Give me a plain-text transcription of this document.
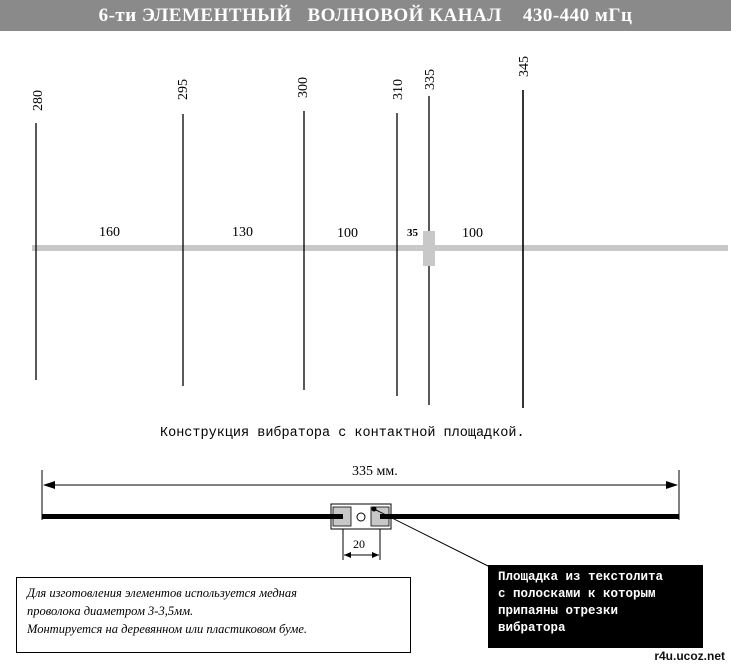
6-ти ЭЛЕМЕНТНЫЙ   ВОЛНОВОЙ КАНАЛ    430-440 мГц
280
295	300	310 335
345
160	130	100	35	100
335 мм.
20
Конструкция вибратора с контактной площадкой.
Для изготовления элементов используется медная
проволока диаметром 3-3,5мм.
Монтируется на деревянном или пластиковом буме.
Площадка из текстолита
с полосками к которым
припаяны отрезки
вибратора
r4u.ucoz.net
